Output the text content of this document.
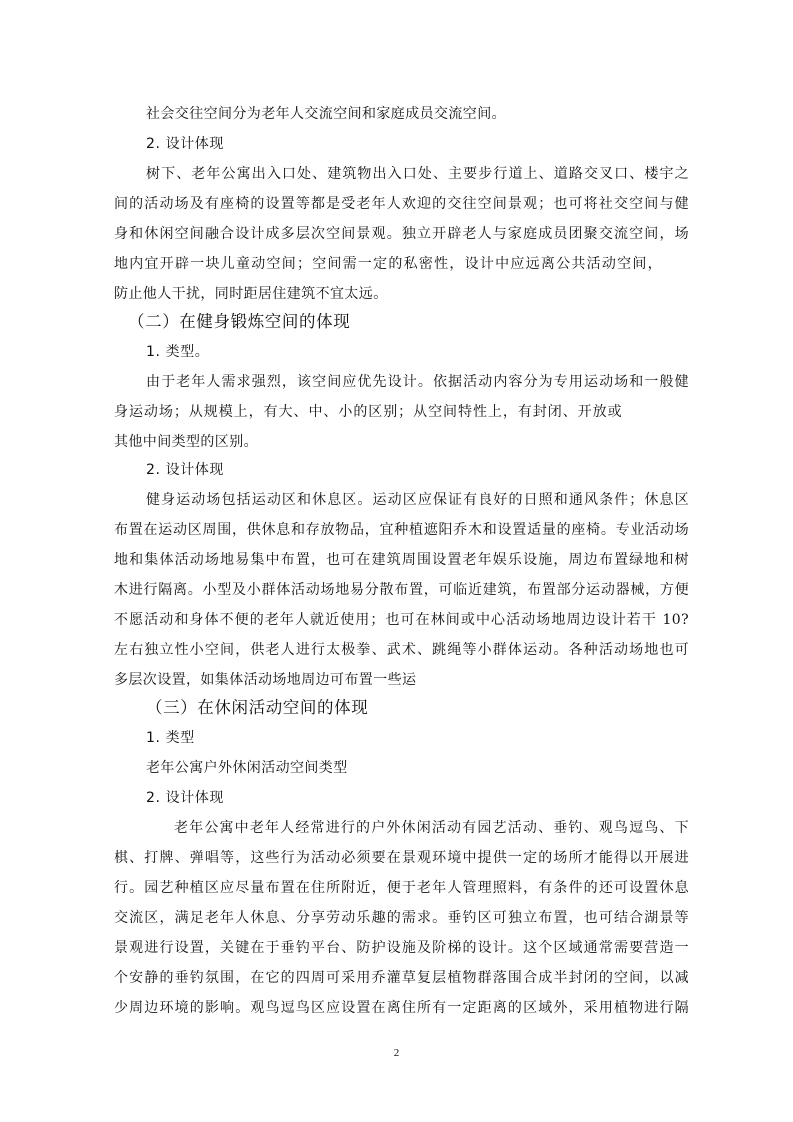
社会交往空间分为老年人交流空间和家庭成员交流空间。

2. 设计体现

树下、老年公寓出入口处、建筑物出入口处、主要步行道上、道路交叉口、楼宇之

间的活动场及有座椅的设置等都是受老年人欢迎的交往空间景观；也可将社交空间与健

身和休闲空间融合设计成多层次空间景观。独立开辟老人与家庭成员团聚交流空间，场

地内宜开辟一块儿童动空间；空间需一定的私密性，设计中应远离公共活动空间，

防止他人干扰，同时距居住建筑不宜太远。

（二）在健身锻炼空间的体现

1. 类型。

由于老年人需求强烈，该空间应优先设计。依据活动内容分为专用运动场和一般健

身运动场；从规模上，有大、中、小的区别；从空间特性上，有封闭、开放或

其他中间类型的区别。

2. 设计体现

健身运动场包括运动区和休息区。运动区应保证有良好的日照和通风条件；休息区

布置在运动区周围，供休息和存放物品，宜种植遮阳乔木和设置适量的座椅。专业活动场

地和集体活动场地易集中布置，也可在建筑周围设置老年娱乐设施，周边布置绿地和树

木进行隔离。小型及小群体活动场地易分散布置，可临近建筑，布置部分运动器械，方便

不愿活动和身体不便的老年人就近使用；也可在林间或中心活动场地周边设计若干 10?

左右独立性小空间，供老人进行太极拳、武术、跳绳等小群体运动。各种活动场地也可

多层次设置，如集体活动场地周边可布置一些运

（三）在休闲活动空间的体现

1. 类型

老年公寓户外休闲活动空间类型

2. 设计体现

老年公寓中老年人经常进行的户外休闲活动有园艺活动、垂钓、观鸟逗鸟、下

棋、打牌、弹唱等，这些行为活动必须要在景观环境中提供一定的场所才能得以开展进

行。园艺种植区应尽量布置在住所附近，便于老年人管理照料，有条件的还可设置休息

交流区，满足老年人休息、分享劳动乐趣的需求。垂钓区可独立布置，也可结合湖景等

景观进行设置，关键在于垂钓平台、防护设施及阶梯的设计。这个区域通常需要营造一

个安静的垂钓氛围，在它的四周可采用乔灌草复层植物群落围合成半封闭的空间，以减

少周边环境的影响。观鸟逗鸟区应设置在离住所有一定距离的区域外，采用植物进行隔

2
